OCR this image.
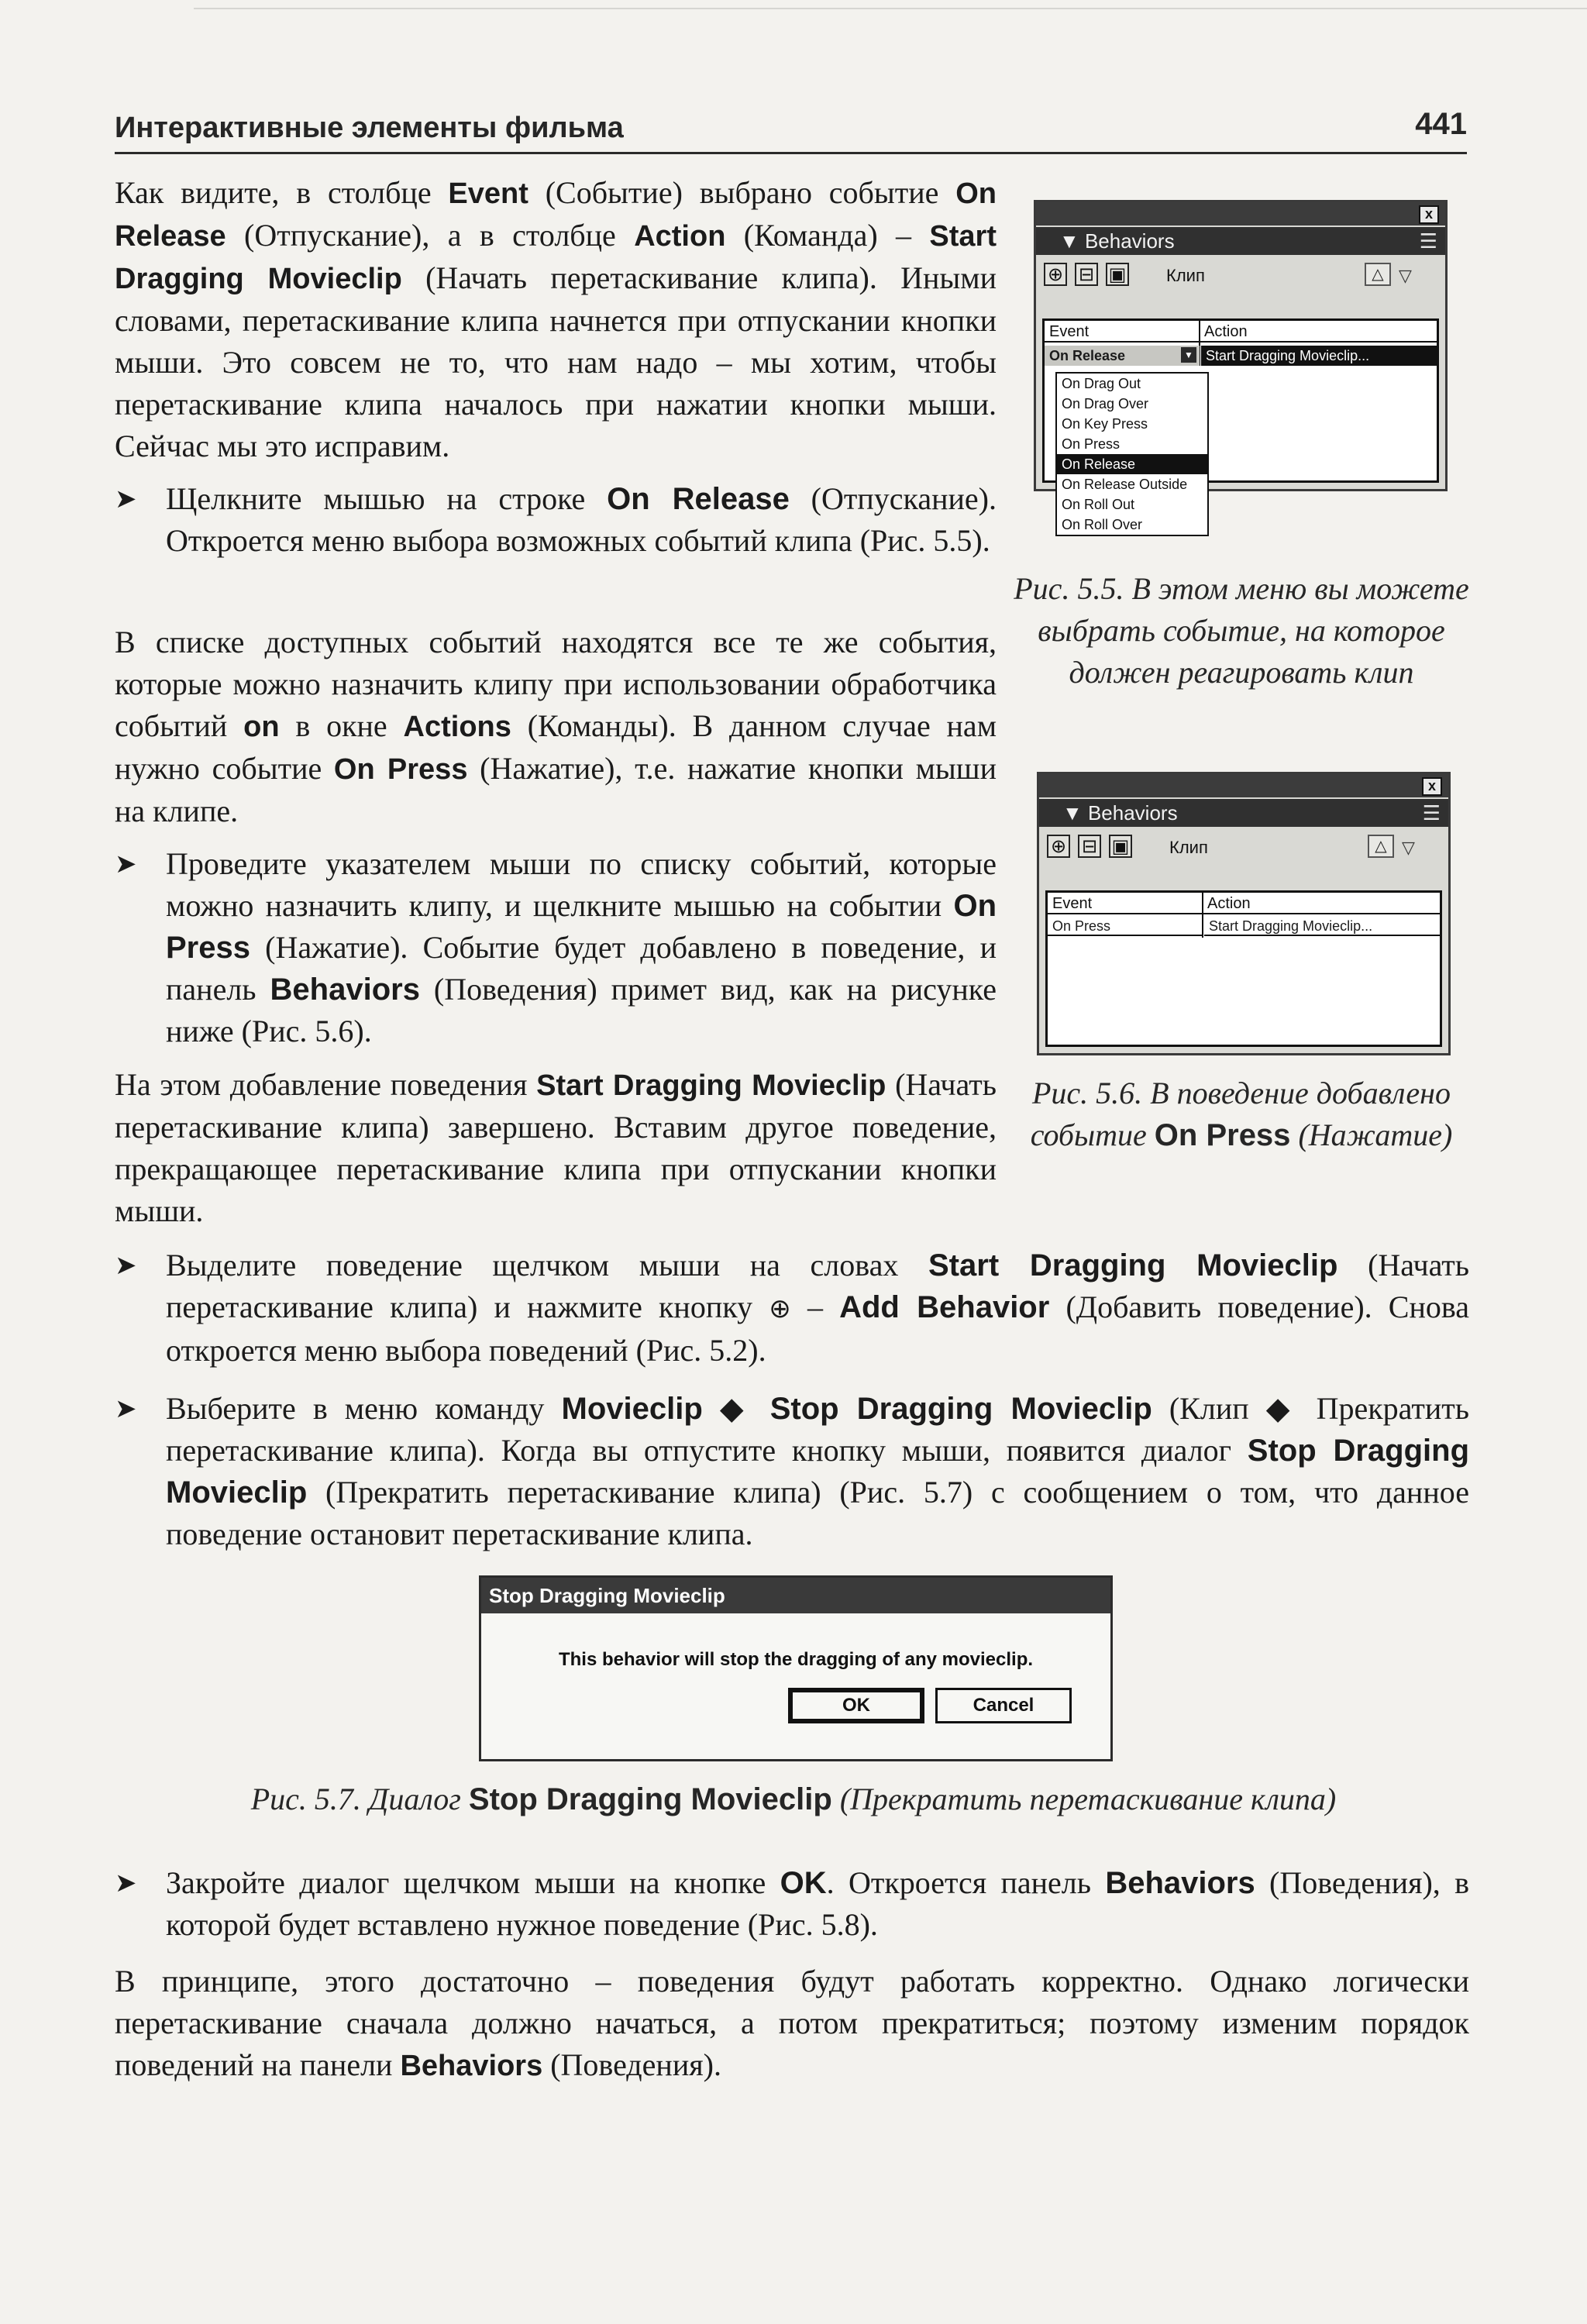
Интерактивные элементы фильма	441

Как видите, в столбце Event (Событие) выбрано событие On Release (Отпускание), а в столбце Action (Команда) – Start Dragging Movieclip (Начать перетаскивание клипа). Иными словами, перетаскивание клипа начнется при отпускании кнопки мыши. Это совсем не то, что нам надо – мы хотим, чтобы перетаскивание клипа началось при нажатии кнопки мыши. Сейчас мы это исправим.

➤ Щелкните мышью на строке On Release (Отпускание). Откроется меню выбора возможных событий клипа (Рис. 5.5).

В списке доступных событий находятся все те же события, которые можно назначить клипу при использовании обработчика событий on в окне Actions (Команды). В данном случае нам нужно событие On Press (Нажатие), т.е. нажатие кнопки мыши на клипе.

➤ Проведите указателем мыши по списку событий, которые можно назначить клипу, и щелкните мышью на событии On Press (Нажатие). Событие будет добавлено в поведение, и панель Behaviors (Поведения) примет вид, как на рисунке ниже (Рис. 5.6).

На этом добавление поведения Start Dragging Movieclip (Начать перетаскивание клипа) завершено. Вставим другое поведение, прекращающее перетаскивание клипа при отпускании кнопки мыши.

➤ Выделите поведение щелчком мыши на словах Start Dragging Movieclip (Начать перетаскивание клипа) и нажмите кнопку ⊕ – Add Behavior (Добавить поведение). Снова откроется меню выбора поведений (Рис. 5.2).

➤ Выберите в меню команду Movieclip ◆ Stop Dragging Movieclip (Клип ◆ Прекратить перетаскивание клипа). Когда вы отпустите кнопку мыши, появится диалог Stop Dragging Movieclip (Прекратить перетаскивание клипа) (Рис. 5.7) с сообщением о том, что данное поведение остановит перетаскивание клипа.

➤ Закройте диалог щелчком мыши на кнопке OK. Откроется панель Behaviors (Поведения), в которой будет вставлено нужное поведение (Рис. 5.8).

В принципе, этого достаточно – поведения будут работать корректно. Однако логически перетаскивание сначала должно начаться, а потом прекратиться; поэтому изменим порядок поведений на панели Behaviors (Поведения).

x
▼ Behaviors	☰
⊕ ⊟ ▣ Клип	△ ▽
Event	Action
On Release	▼ Start Dragging Movieclip...
On Drag Out
On Drag Over
On Key Press
On Press
On Release
On Release Outside
On Roll Out
On Roll Over
Рис. 5.5. В этом меню вы можете выбрать событие, на которое должен реагировать клип
x
▼ Behaviors	☰
⊕ ⊟ ▣ Клип	△ ▽
Event	Action
On Press	Start Dragging Movieclip...
Рис. 5.6. В поведение добавлено событие On Press (Нажатие)
Stop Dragging Movieclip
This behavior will stop the dragging of any movieclip.
OK	Cancel
Рис. 5.7. Диалог Stop Dragging Movieclip (Прекратить перетаскивание клипа)
